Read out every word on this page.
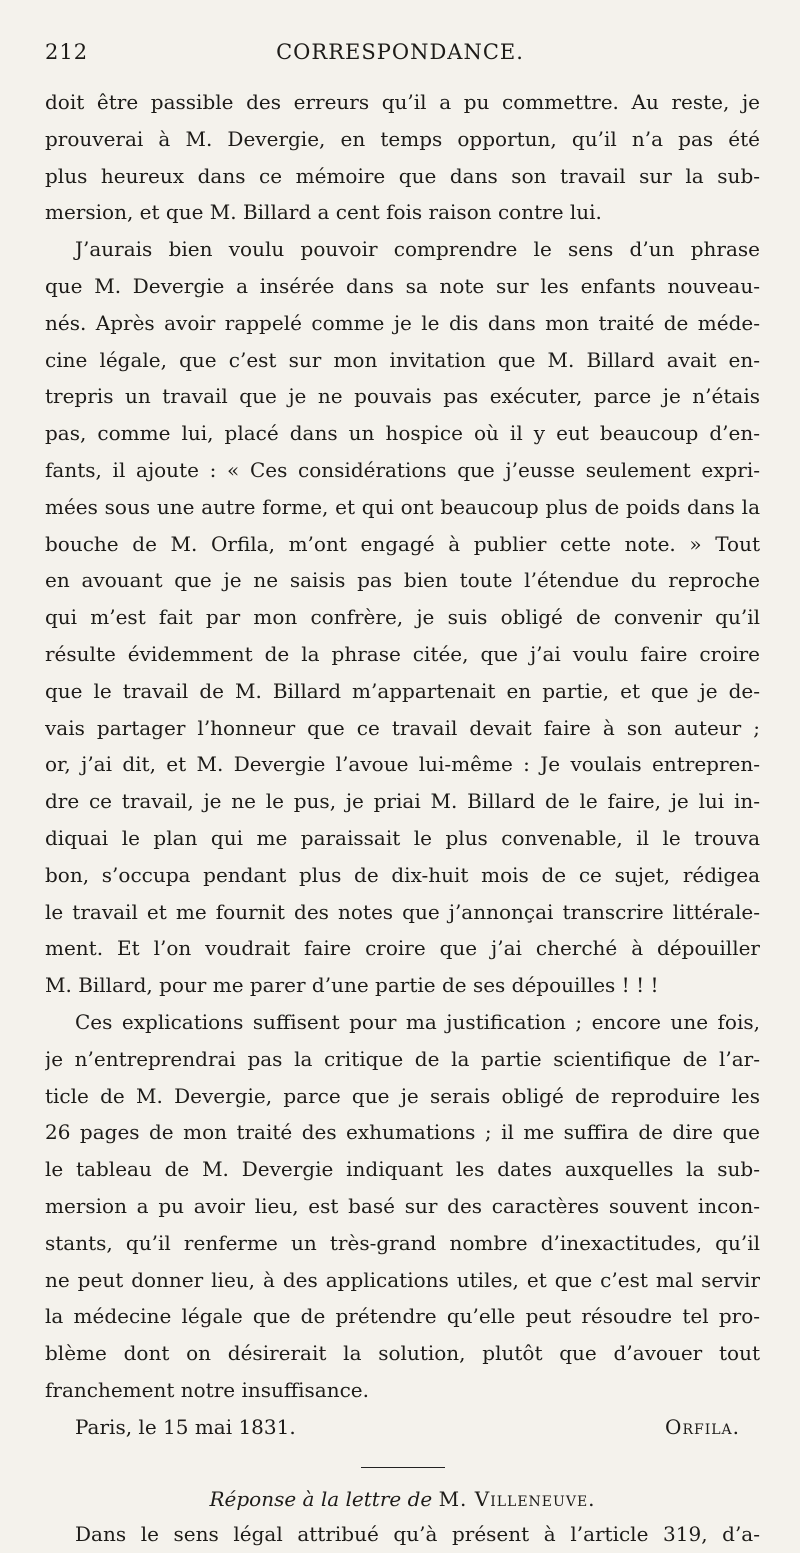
212	CORRESPONDANCE.
doit être passible des erreurs qu’il a pu commettre. Au reste, je
prouverai à M. Devergie, en temps opportun, qu’il n’a pas été
plus heureux dans ce mémoire que dans son travail sur la sub-
mersion, et que M. Billard a cent fois raison contre lui.
J’aurais bien voulu pouvoir comprendre le sens d’un phrase
que M. Devergie a insérée dans sa note sur les enfants nouveau-
nés. Après avoir rappelé comme je le dis dans mon traité de méde-
cine légale, que c’est sur mon invitation que M. Billard avait en-
trepris un travail que je ne pouvais pas exécuter, parce je n’étais
pas, comme lui, placé dans un hospice où il y eut beaucoup d’en-
fants, il ajoute : « Ces considérations que j’eusse seulement expri-
mées sous une autre forme, et qui ont beaucoup plus de poids dans la
bouche de M. Orfila, m’ont engagé à publier cette note. » Tout
en avouant que je ne saisis pas bien toute l’étendue du reproche
qui m’est fait par mon confrère, je suis obligé de convenir qu’il
résulte évidemment de la phrase citée, que j’ai voulu faire croire
que le travail de M. Billard m’appartenait en partie, et que je de-
vais partager l’honneur que ce travail devait faire à son auteur ;
or, j’ai dit, et M. Devergie l’avoue lui-même : Je voulais entrepren-
dre ce travail, je ne le pus, je priai M. Billard de le faire, je lui in-
diquai le plan qui me paraissait le plus convenable, il le trouva
bon, s’occupa pendant plus de dix-huit mois de ce sujet, rédigea
le travail et me fournit des notes que j’annonçai transcrire littérale-
ment. Et l’on voudrait faire croire que j’ai cherché à dépouiller
M. Billard, pour me parer d’une partie de ses dépouilles ! ! !
Ces explications suffisent pour ma justification ; encore une fois,
je n’entreprendrai pas la critique de la partie scientifique de l’ar-
ticle de M. Devergie, parce que je serais obligé de reproduire les
26 pages de mon traité des exhumations ; il me suffira de dire que
le tableau de M. Devergie indiquant les dates auxquelles la sub-
mersion a pu avoir lieu, est basé sur des caractères souvent incon-
stants, qu’il renferme un très-grand nombre d’inexactitudes, qu’il
ne peut donner lieu, à des applications utiles, et que c’est mal servir
la médecine légale que de prétendre qu’elle peut résoudre tel pro-
blème dont on désirerait la solution, plutôt que d’avouer tout
franchement notre insuffisance.
Paris, le 15 mai 1831.	Orfila.
Réponse à la lettre de M. Villeneuve.
Dans le sens légal attribué qu’à présent à l’article 319, d’a-
